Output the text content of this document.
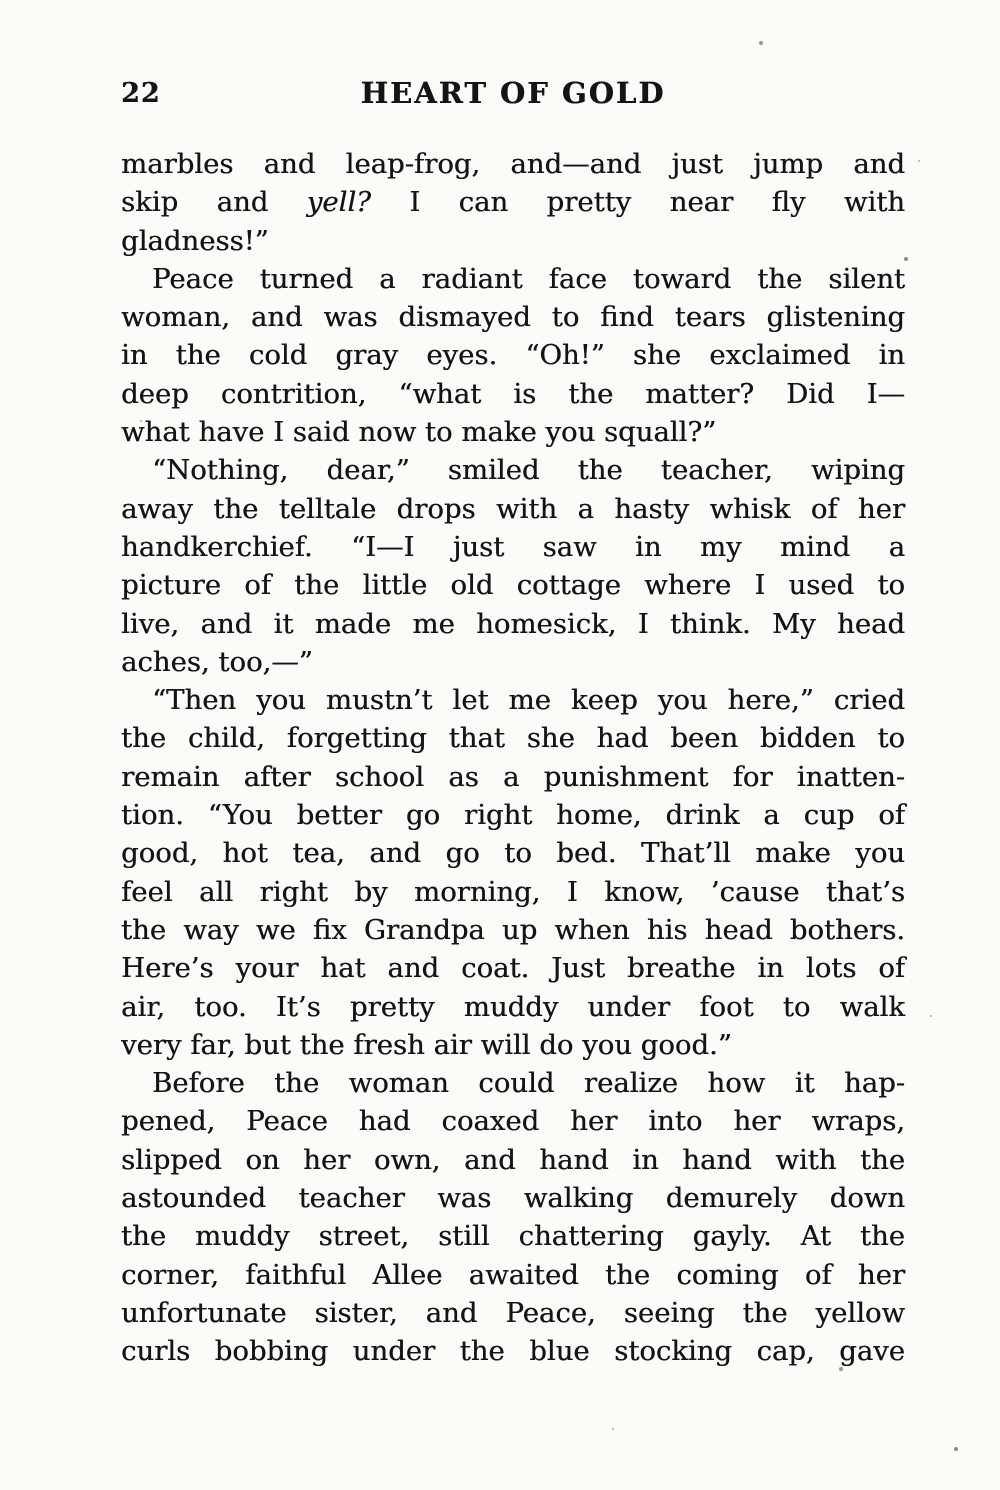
22	HEART OF GOLD

marbles and leap-frog, and—and just jump and
skip and yell? I can pretty near fly with
gladness!”

Peace turned a radiant face toward the silent
woman, and was dismayed to find tears glistening
in the cold gray eyes. “Oh!” she exclaimed in
deep contrition, “what is the matter? Did I—
what have I said now to make you squall?”

“Nothing, dear,” smiled the teacher, wiping
away the telltale drops with a hasty whisk of her
handkerchief. “I—I just saw in my mind a
picture of the little old cottage where I used to
live, and it made me homesick, I think. My head
aches, too,—”

“Then you mustn’t let me keep you here,” cried
the child, forgetting that she had been bidden to
remain after school as a punishment for inatten-
tion. “You better go right home, drink a cup of
good, hot tea, and go to bed. That’ll make you
feel all right by morning, I know, ’cause that’s
the way we fix Grandpa up when his head bothers.
Here’s your hat and coat. Just breathe in lots of
air, too. It’s pretty muddy under foot to walk
very far, but the fresh air will do you good.”

Before the woman could realize how it hap-
pened, Peace had coaxed her into her wraps,
slipped on her own, and hand in hand with the
astounded teacher was walking demurely down
the muddy street, still chattering gayly. At the
corner, faithful Allee awaited the coming of her
unfortunate sister, and Peace, seeing the yellow
curls bobbing under the blue stocking cap, gave
